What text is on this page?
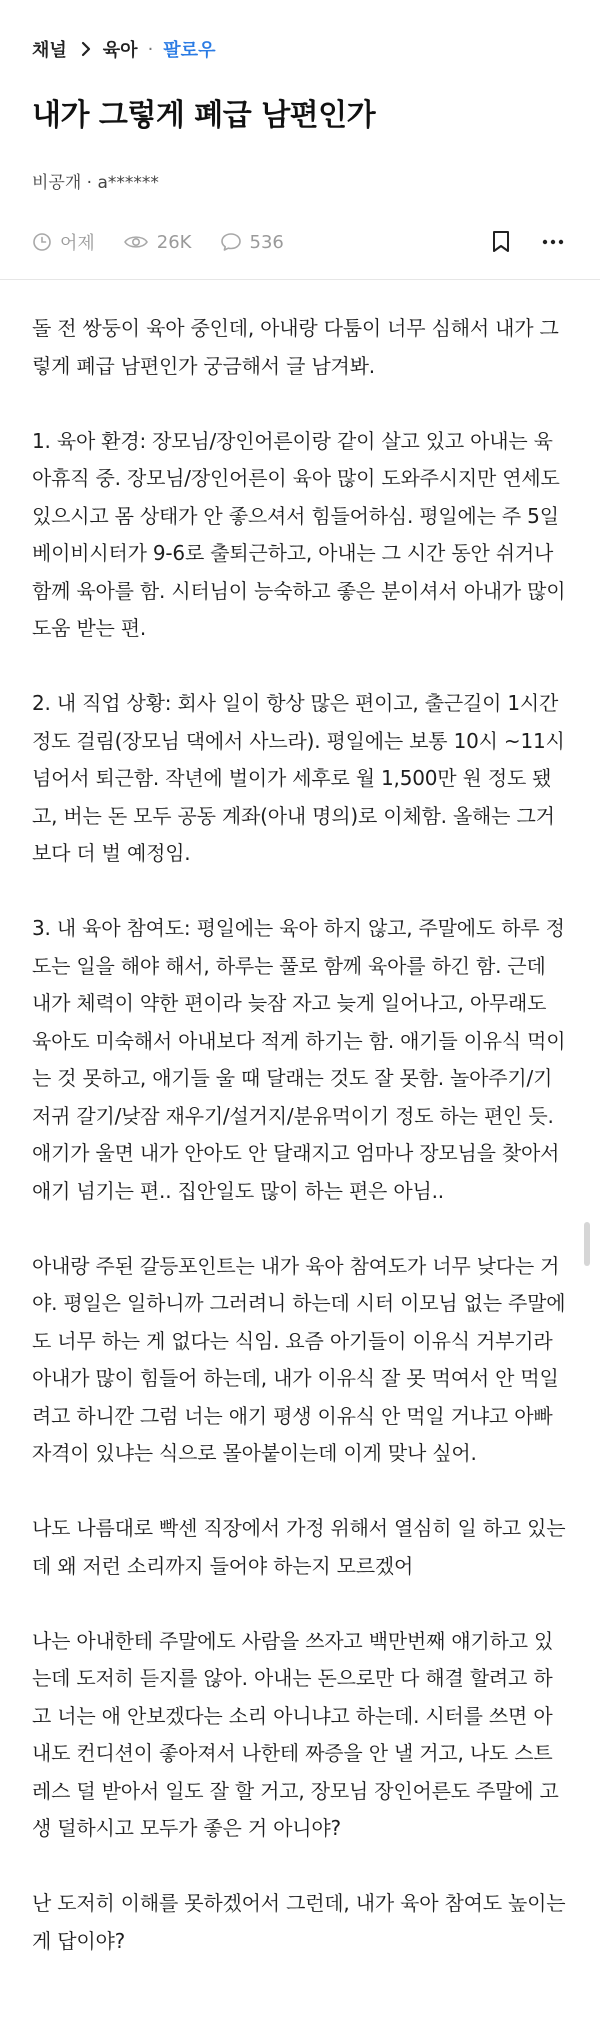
채널 육아 · 팔로우
내가 그렇게 폐급 남편인가
비공개 · a******
어제	26K	536

돌 전 쌍둥이 육아 중인데, 아내랑 다툼이 너무 심해서 내가 그렇게 폐급 남편인가 궁금해서 글 남겨봐.

1. 육아 환경: 장모님/장인어른이랑 같이 살고 있고 아내는 육아휴직 중. 장모님/장인어른이 육아 많이 도와주시지만 연세도 있으시고 몸 상태가 안 좋으셔서 힘들어하심. 평일에는 주 5일 베이비시터가 9-6로 출퇴근하고, 아내는 그 시간 동안 쉬거나 함께 육아를 함. 시터님이 능숙하고 좋은 분이셔서 아내가 많이 도움 받는 편.

2. 내 직업 상황: 회사 일이 항상 많은 편이고, 출근길이 1시간 정도 걸림(장모님 댁에서 사느라). 평일에는 보통 10시 ~11시 넘어서 퇴근함. 작년에 벌이가 세후로 월 1,500만 원 정도 됐고, 버는 돈 모두 공동 계좌(아내 명의)로 이체함. 올해는 그거보다 더 벌 예정임.

3. 내 육아 참여도: 평일에는 육아 하지 않고, 주말에도 하루 정도는 일을 해야 해서, 하루는 풀로 함께 육아를 하긴 함. 근데 내가 체력이 약한 편이라 늦잠 자고 늦게 일어나고, 아무래도 육아도 미숙해서 아내보다 적게 하기는 함. 애기들 이유식 먹이는 것 못하고, 애기들 울 때 달래는 것도 잘 못함. 놀아주기/기저귀 갈기/낮잠 재우기/설거지/분유먹이기 정도 하는 편인 듯. 애기가 울면 내가 안아도 안 달래지고 엄마나 장모님을 찾아서 애기 넘기는 편.. 집안일도 많이 하는 편은 아님..

아내랑 주된 갈등포인트는 내가 육아 참여도가 너무 낮다는 거야. 평일은 일하니까 그러려니 하는데 시터 이모님 없는 주말에도 너무 하는 게 없다는 식임. 요즘 아기들이 이유식 거부기라 아내가 많이 힘들어 하는데, 내가 이유식 잘 못 먹여서 안 먹일려고 하니깐 그럼 너는 애기 평생 이유식 안 먹일 거냐고 아빠 자격이 있냐는 식으로 몰아붙이는데 이게 맞나 싶어.

나도 나름대로 빡센 직장에서 가정 위해서 열심히 일 하고 있는데 왜 저런 소리까지 들어야 하는지 모르겠어

나는 아내한테 주말에도 사람을 쓰자고 백만번째 얘기하고 있는데 도저히 듣지를 않아. 아내는 돈으로만 다 해결 할려고 하고 너는 애 안보겠다는 소리 아니냐고 하는데. 시터를 쓰면 아내도 컨디션이 좋아져서 나한테 짜증을 안 낼 거고, 나도 스트레스 덜 받아서 일도 잘 할 거고, 장모님 장인어른도 주말에 고생 덜하시고 모두가 좋은 거 아니야?

난 도저히 이해를 못하겠어서 그런데, 내가 육아 참여도 높이는 게 답이야?
